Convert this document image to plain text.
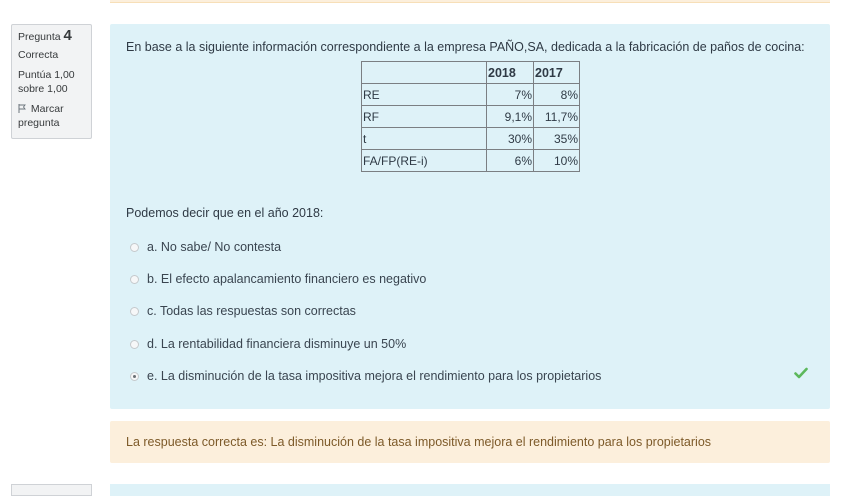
Pregunta 4
Correcta
Puntúa 1,00 sobre 1,00
Marcar pregunta
En base a la siguiente información correspondiente a la empresa PAÑO,SA, dedicada a la fabricación de paños de cocina:
	2018	2017
RE	7%	8%
RF	9,1%	11,7%
t	30%	35%
FA/FP(RE-i)	6%	10%
Podemos decir que en el año 2018:
a. No sabe/ No contesta
b. El efecto apalancamiento financiero es negativo
c. Todas las respuestas son correctas
d. La rentabilidad financiera disminuye un 50%
e. La disminución de la tasa impositiva mejora el rendimiento para los propietarios
La respuesta correcta es: La disminución de la tasa impositiva mejora el rendimiento para los propietarios
